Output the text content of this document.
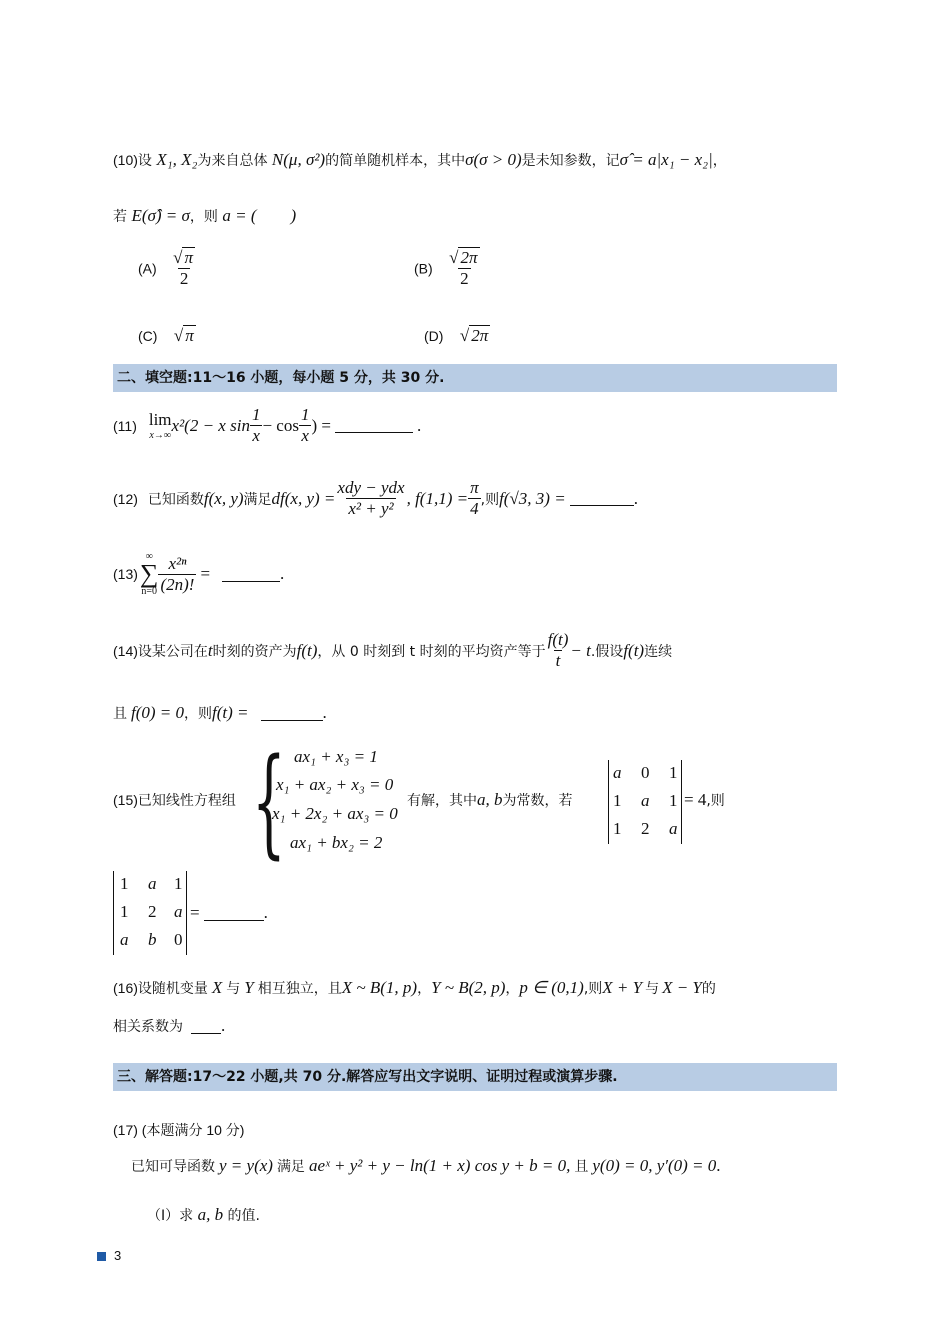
(10)设 X₁, X₂为来自总体 N(μ, σ²)的简单随机样本，其中σ(σ > 0)是未知参数，记σ̂ = a|x₁ − x₂|，
若 E(σ̂) = σ，则 a = (　　)
$(A) \frac{√ \pi}{2}$	$(B) \frac{√ 2\pi}{2}$
(C) √ π	(D) √ 2π
二、填空题:11～16 小题，每小题 5 分，共 30 分.
(11) lim
x→∞
x²(2 − x $\sin \frac{1}{x} - \cos \frac{1}{x}$ ) =	.
(12) 已知函数 f(x, y) 满足 df(x, $y) = \frac{\text{xdy − ydx}}{\text{x² + y²}}$ , $f(1,1) = \frac{\pi}{4}$ ,则 f(√3, 3) =	.
(13)
∞
∑
$n=0 \frac{\text{x²ⁿ}}{(2n)!}$ =	.
(14) 设某公司在 t 时刻的资产为 f(t) ，从 0 时刻到 t 时刻的平均资产等于 $\frac{f(t)}{t} - t$ .假设 f(t) 连续
且 f(0) = 0 ，则 f(t) =	.
(15)已知线性方程组 { ax₁ + x₃ = 1
x₁ + ax₂ + x₃ = 0
x₁ + 2x₂ + ax₃ = 0
ax₁ + bx₂ = 2
有解，其中a, b为常数，若
a 0 1
1 a 1
1 2 a
= 4,则
1 a 1
1 2 a
a b 0
=	.
(16) 设随机变量 X 与 Y 相互独立，且 X ~ B(1, p) ， Y ~ B(2, p) ， p ∈ (0,1) ,则 X + Y 与 X − Y 的
相关系数为 .
三、解答题:17～22 小题,共 70 分.解答应写出文字说明、证明过程或演算步骤.
(17) (本题满分 10 分)
已知可导函数 y = y(x) 满足 aeˣ + y² + y − ln(1 + x) cos y + b = 0, 且 y(0) = 0, y′(0) = 0 .
（Ⅰ）求 a, b 的值.
3
